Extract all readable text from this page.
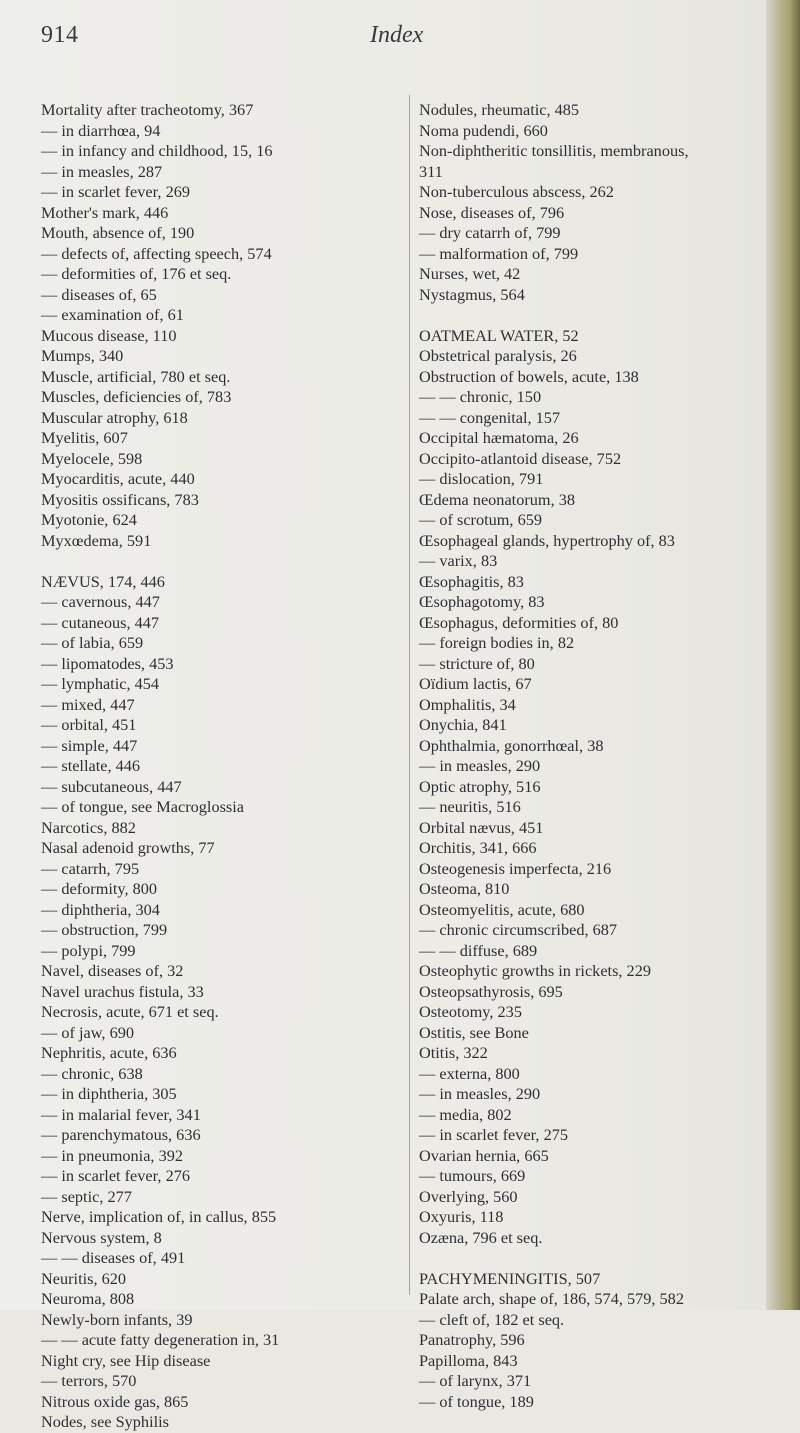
914	Index
Mortality after tracheotomy, 367
— in diarrhœa, 94
— in infancy and childhood, 15, 16
— in measles, 287
— in scarlet fever, 269
Mother's mark, 446
Mouth, absence of, 190
— defects of, affecting speech, 574
— deformities of, 176 et seq.
— diseases of, 65
— examination of, 61
Mucous disease, 110
Mumps, 340
Muscle, artificial, 780 et seq.
Muscles, deficiencies of, 783
Muscular atrophy, 618
Myelitis, 607
Myelocele, 598
Myocarditis, acute, 440
Myositis ossificans, 783
Myotonie, 624
Myxœdema, 591
NÆVUS, 174, 446
— cavernous, 447
— cutaneous, 447
— of labia, 659
— lipomatodes, 453
— lymphatic, 454
— mixed, 447
— orbital, 451
— simple, 447
— stellate, 446
— subcutaneous, 447
— of tongue, see Macroglossia
Narcotics, 882
Nasal adenoid growths, 77
— catarrh, 795
— deformity, 800
— diphtheria, 304
— obstruction, 799
— polypi, 799
Navel, diseases of, 32
Navel urachus fistula, 33
Necrosis, acute, 671 et seq.
— of jaw, 690
Nephritis, acute, 636
— chronic, 638
— in diphtheria, 305
— in malarial fever, 341
— parenchymatous, 636
— in pneumonia, 392
— in scarlet fever, 276
— septic, 277
Nerve, implication of, in callus, 855
Nervous system, 8
— — diseases of, 491
Neuritis, 620
Neuroma, 808
Newly-born infants, 39
— — acute fatty degeneration in, 31
Night cry, see Hip disease
— terrors, 570
Nitrous oxide gas, 865
Nodes, see Syphilis
Nodules, rheumatic, 485
Noma pudendi, 660
Non-diphtheritic tonsillitis, membranous,
311
Non-tuberculous abscess, 262
Nose, diseases of, 796
— dry catarrh of, 799
— malformation of, 799
Nurses, wet, 42
Nystagmus, 564
OATMEAL WATER, 52
Obstetrical paralysis, 26
Obstruction of bowels, acute, 138
— — chronic, 150
— — congenital, 157
Occipital hæmatoma, 26
Occipito-atlantoid disease, 752
— dislocation, 791
Œdema neonatorum, 38
— of scrotum, 659
Œsophageal glands, hypertrophy of, 83
— varix, 83
Œsophagitis, 83
Œsophagotomy, 83
Œsophagus, deformities of, 80
— foreign bodies in, 82
— stricture of, 80
Oïdium lactis, 67
Omphalitis, 34
Onychia, 841
Ophthalmia, gonorrhœal, 38
— in measles, 290
Optic atrophy, 516
— neuritis, 516
Orbital nævus, 451
Orchitis, 341, 666
Osteogenesis imperfecta, 216
Osteoma, 810
Osteomyelitis, acute, 680
— chronic circumscribed, 687
— — diffuse, 689
Osteophytic growths in rickets, 229
Osteopsathyrosis, 695
Osteotomy, 235
Ostitis, see Bone
Otitis, 322
— externa, 800
— in measles, 290
— media, 802
— in scarlet fever, 275
Ovarian hernia, 665
— tumours, 669
Overlying, 560
Oxyuris, 118
Ozæna, 796 et seq.
PACHYMENINGITIS, 507
Palate arch, shape of, 186, 574, 579, 582
— cleft of, 182 et seq.
Panatrophy, 596
Papilloma, 843
— of larynx, 371
— of tongue, 189
